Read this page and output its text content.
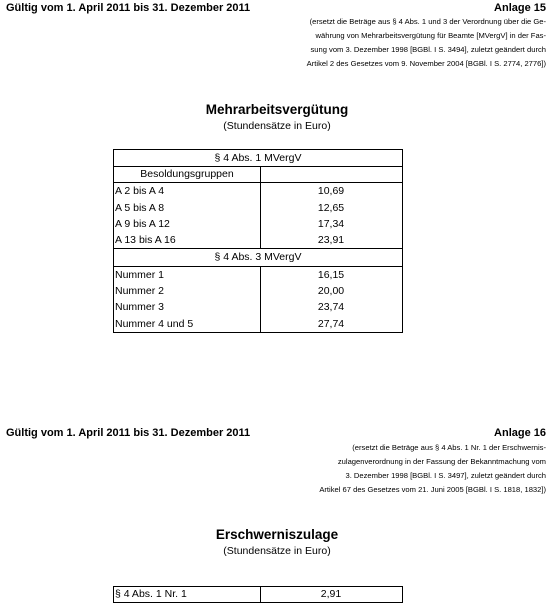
Gültig vom 1. April 2011 bis 31. Dezember 2011	Anlage 15
(ersetzt die Beträge aus § 4 Abs. 1 und 3 der Verordnung über die Ge-
währung von Mehrarbeitsvergütung für Beamte [MVergV] in der Fas-
sung vom 3. Dezember 1998 [BGBl. I S. 3494], zuletzt geändert durch
Artikel 2 des Gesetzes vom 9. November 2004 [BGBl. I S. 2774, 2776])
Mehrarbeitsvergütung
(Stundensätze in Euro)
§ 4 Abs. 1 MVergV
Besoldungsgruppen
A 2 bis A 4	10,69
A 5 bis A 8	12,65
A 9 bis A 12	17,34
A 13 bis A 16	23,91
§ 4 Abs. 3 MVergV
Nummer 1	16,15
Nummer 2	20,00
Nummer 3	23,74
Nummer 4 und 5	27,74
Gültig vom 1. April 2011 bis 31. Dezember 2011	Anlage 16
(ersetzt die Beträge aus § 4 Abs. 1 Nr. 1 der Erschwernis-
zulagenverordnung in der Fassung der Bekanntmachung vom
3. Dezember 1998 [BGBl. I S. 3497], zuletzt geändert durch
Artikel 67 des Gesetzes vom 21. Juni 2005 [BGBl. I S. 1818, 1832])
Erschwerniszulage
(Stundensätze in Euro)
§ 4 Abs. 1 Nr. 1	2,91
